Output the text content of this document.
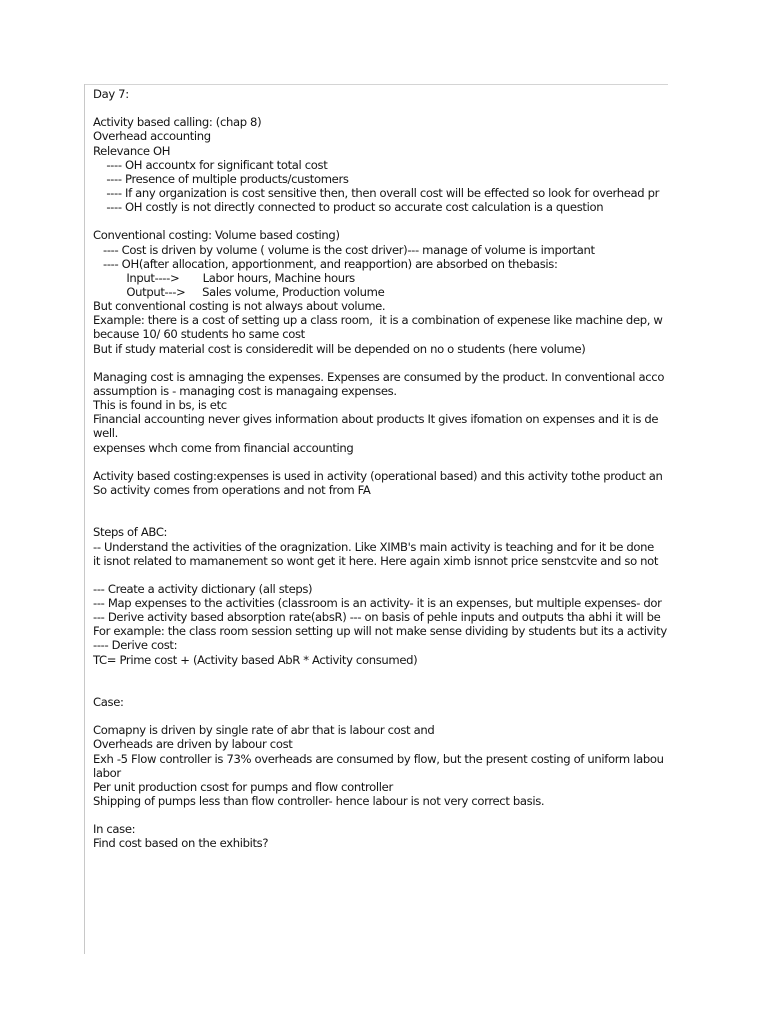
Day 7:
Activity based calling: (chap 8)
Overhead accounting
Relevance OH
---- OH accountx for significant total cost
---- Presence of multiple products/customers
---- If any organization is cost sensitive then, then overall cost will be effected so look for overhead pr
---- OH costly is not directly connected to product so accurate cost calculation is a question
Conventional costing: Volume based costing)
---- Cost is driven by volume ( volume is the cost driver)--- manage of volume is important
---- OH(after allocation, apportionment, and reapportion) are absorbed on thebasis:
Input---->       Labor hours, Machine hours
Output--->     Sales volume, Production volume
But conventional costing is not always about volume.
Example: there is a cost of setting up a class room,  it is a combination of expenese like machine dep, w
because 10/ 60 students ho same cost
But if study material cost is consideredit will be depended on no o students (here volume)
Managing cost is amnaging the expenses. Expenses are consumed by the product. In conventional acco
assumption is - managing cost is managaing expenses.
This is found in bs, is etc
Financial accounting never gives information about products It gives ifomation on expenses and it is de
well.
expenses whch come from financial accounting
Activity based costing:expenses is used in activity (operational based) and this activity tothe product an
So activity comes from operations and not from FA
Steps of ABC:
-- Understand the activities of the oragnization. Like XIMB's main activity is teaching and for it be done
it isnot related to mamanement so wont get it here. Here again ximb isnnot price senstcvite and so not
--- Create a activity dictionary (all steps)
--- Map expenses to the activities (classroom is an activity- it is an expenses, but multiple expenses- dor
--- Derive activity based absorption rate(absR) --- on basis of pehle inputs and outputs tha abhi it will be
For example: the class room session setting up will not make sense dividing by students but its a activity
---- Derive cost:
TC= Prime cost + (Activity based AbR * Activity consumed)
Case:
Comapny is driven by single rate of abr that is labour cost and
Overheads are driven by labour cost
Exh -5 Flow controller is 73% overheads are consumed by flow, but the present costing of uniform labou
labor
Per unit production csost for pumps and flow controller
Shipping of pumps less than flow controller- hence labour is not very correct basis.
In case:
Find cost based on the exhibits?
